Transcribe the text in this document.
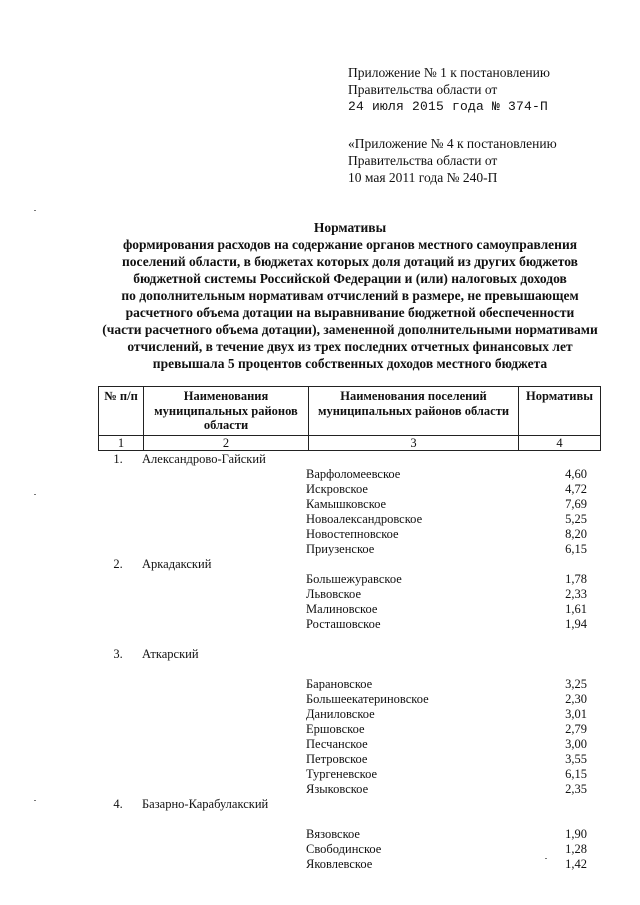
Приложение № 1 к постановлению
Правительства области от
24 июля 2015 года № 374-П
«Приложение № 4 к постановлению
Правительства области от
10 мая 2011 года № 240-П
Нормативы
формирования расходов на содержание органов местного самоуправления
поселений области, в бюджетах которых доля дотаций из других бюджетов
бюджетной системы Российской Федерации и (или) налоговых доходов
по дополнительным нормативам отчислений в размере, не превышающем
расчетного объема дотации на выравнивание бюджетной обеспеченности
(части расчетного объема дотации), замененной дополнительными нормативами
отчислений, в течение двух из трех последних отчетных финансовых лет
превышала 5 процентов собственных доходов местного бюджета
№ п/п	Наименования муниципальных районов области	Наименования поселений муниципальных районов области	Нормативы
1	2	3	4
1.	Александрово-Гайский
Варфоломеевское	4,60
Искровское	4,72
Камышковское	7,69
Новоалександровское	5,25
Новостепновское	8,20
Приузенское	6,15
2.	Аркадакский
Большежуравское	1,78
Львовское	2,33
Малиновское	1,61
Росташовское	1,94
3.	Аткарский
Барановское	3,25
Большеекатериновское	2,30
Даниловское	3,01
Ершовское	2,79
Песчанское	3,00
Петровское	3,55
Тургеневское	6,15
Языковское	2,35
4.	Базарно-Карабулакский
Вязовское	1,90
Свободинское	1,28
Яковлевское	1,42
